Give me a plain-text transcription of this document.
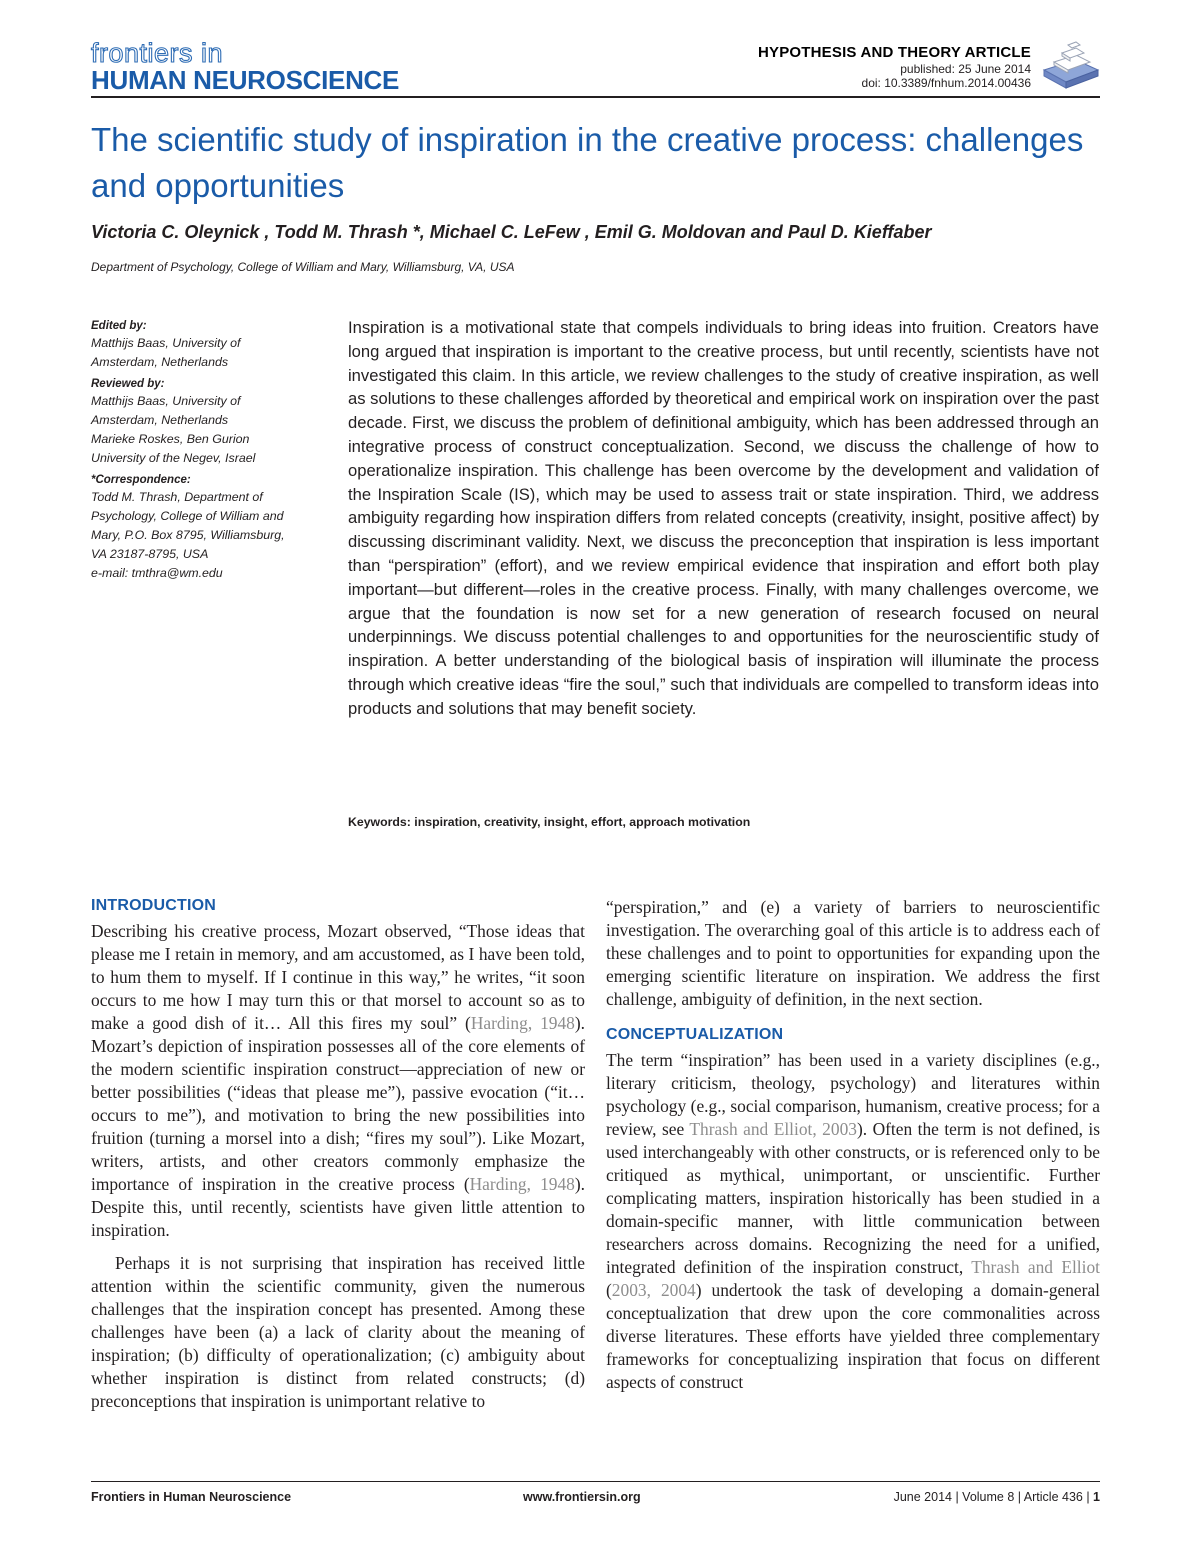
frontiers in
HUMAN NEUROSCIENCE
HYPOTHESIS AND THEORY ARTICLE
published: 25 June 2014
doi: 10.3389/fnhum.2014.00436
The scientific study of inspiration in the creative process: challenges and opportunities
Victoria C. Oleynick , Todd M. Thrash *, Michael C. LeFew , Emil G. Moldovan and Paul D. Kieffaber
Department of Psychology, College of William and Mary, Williamsburg, VA, USA
Edited by:
Matthijs Baas, University of
Amsterdam, Netherlands
Reviewed by:
Matthijs Baas, University of
Amsterdam, Netherlands
Marieke Roskes, Ben Gurion
University of the Negev, Israel
*Correspondence:
Todd M. Thrash, Department of
Psychology, College of William and
Mary, P.O. Box 8795, Williamsburg,
VA 23187-8795, USA
e-mail: tmthra@wm.edu
Inspiration is a motivational state that compels individuals to bring ideas into fruition. Creators have long argued that inspiration is important to the creative process, but until recently, scientists have not investigated this claim. In this article, we review challenges to the study of creative inspiration, as well as solutions to these challenges afforded by theoretical and empirical work on inspiration over the past decade. First, we discuss the problem of definitional ambiguity, which has been addressed through an integrative process of construct conceptualization. Second, we discuss the challenge of how to operationalize inspiration. This challenge has been overcome by the development and validation of the Inspiration Scale (IS), which may be used to assess trait or state inspiration. Third, we address ambiguity regarding how inspiration differs from related concepts (creativity, insight, positive affect) by discussing discriminant validity. Next, we discuss the preconception that inspiration is less important than “perspiration” (effort), and we review empirical evidence that inspiration and effort both play important—but different—roles in the creative process. Finally, with many challenges overcome, we argue that the foundation is now set for a new generation of research focused on neural underpinnings. We discuss potential challenges to and opportunities for the neuroscientific study of inspiration. A better understanding of the biological basis of inspiration will illuminate the process through which creative ideas “fire the soul,” such that individuals are compelled to transform ideas into products and solutions that may benefit society.
Keywords: inspiration, creativity, insight, effort, approach motivation
INTRODUCTION

Describing his creative process, Mozart observed, “Those ideas that please me I retain in memory, and am accustomed, as I have been told, to hum them to myself. If I continue in this way,” he writes, “it soon occurs to me how I may turn this or that morsel to account so as to make a good dish of it… All this fires my soul” (Harding, 1948). Mozart’s depiction of inspiration possesses all of the core elements of the modern scientific inspiration construct—appreciation of new or better possibilities (“ideas that please me”), passive evocation (“it…occurs to me”), and motivation to bring the new possibilities into fruition (turning a morsel into a dish; “fires my soul”). Like Mozart, writers, artists, and other creators commonly emphasize the importance of inspiration in the creative process (Harding, 1948). Despite this, until recently, scientists have given little attention to inspiration.

Perhaps it is not surprising that inspiration has received little attention within the scientific community, given the numerous challenges that the inspiration concept has presented. Among these challenges have been (a) a lack of clarity about the meaning of inspiration; (b) difficulty of operationalization; (c) ambiguity about whether inspiration is distinct from related constructs; (d) preconceptions that inspiration is unimportant relative to

“perspiration,” and (e) a variety of barriers to neuroscientific investigation. The overarching goal of this article is to address each of these challenges and to point to opportunities for expanding upon the emerging scientific literature on inspiration. We address the first challenge, ambiguity of definition, in the next section.

CONCEPTUALIZATION

The term “inspiration” has been used in a variety disciplines (e.g., literary criticism, theology, psychology) and literatures within psychology (e.g., social comparison, humanism, creative process; for a review, see Thrash and Elliot, 2003). Often the term is not defined, is used interchangeably with other constructs, or is referenced only to be critiqued as mythical, unimportant, or unscientific. Further complicating matters, inspiration historically has been studied in a domain-specific manner, with little communication between researchers across domains. Recognizing the need for a unified, integrated definition of the inspiration construct, Thrash and Elliot (2003, 2004) undertook the task of developing a domain-general conceptualization that drew upon the core commonalities across diverse literatures. These efforts have yielded three complementary frameworks for conceptualizing inspiration that focus on different aspects of construct

Frontiers in Human Neuroscience	www.frontiersin.org	June 2014 | Volume 8 | Article 436 | 1
